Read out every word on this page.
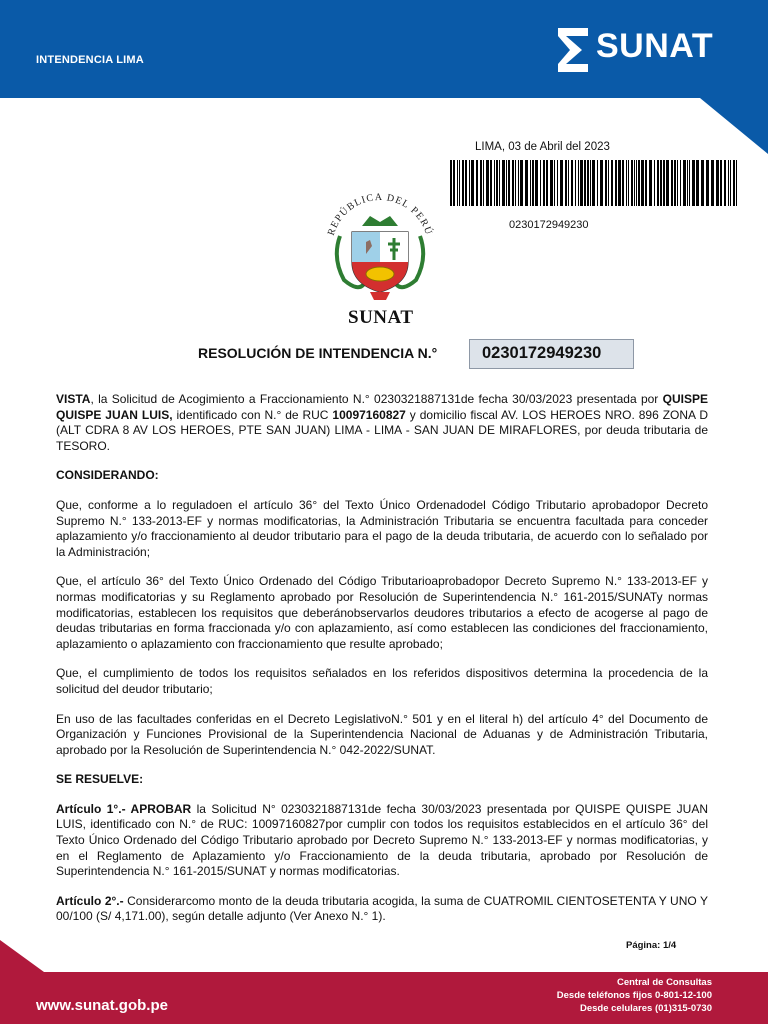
INTENDENCIA LIMA	SUNAT
LIMA, 03 de Abril del 2023
0230172949230
REPÚBLICA DEL PERÚ
SUNAT
RESOLUCIÓN DE INTENDENCIA N.°	0230172949230

VISTA, la Solicitud de Acogimiento a Fraccionamiento N.° 0230321887131de fecha 30/03/2023 presentada por QUISPE QUISPE JUAN LUIS, identificado con N.° de RUC 10097160827 y domicilio fiscal AV. LOS HEROES NRO. 896 ZONA D (ALT CDRA 8 AV LOS HEROES, PTE SAN JUAN) LIMA - LIMA - SAN JUAN DE MIRAFLORES, por deuda tributaria de TESORO.

CONSIDERANDO:

Que, conforme a lo reguladoen el artículo 36° del Texto Único Ordenadodel Código Tributario aprobadopor Decreto Supremo N.° 133-2013-EF y normas modificatorias, la Administración Tributaria se encuentra facultada para conceder aplazamiento y/o fraccionamiento al deudor tributario para el pago de la deuda tributaria, de acuerdo con lo señalado por la Administración;

Que, el artículo 36° del Texto Único Ordenado del Código Tributarioaprobadopor Decreto Supremo N.° 133-2013-EF y normas modificatorias y su Reglamento aprobado por Resolución de Superintendencia N.° 161-2015/SUNATy normas modificatorias, establecen los requisitos que deberánobservarlos deudores tributarios a efecto de acogerse al pago de deudas tributarias en forma fraccionada y/o con aplazamiento, así como establecen las condiciones del fraccionamiento, aplazamiento o aplazamiento con fraccionamiento que resulte aprobado;

Que, el cumplimiento de todos los requisitos señalados en los referidos dispositivos determina la procedencia de la solicitud del deudor tributario;

En uso de las facultades conferidas en el Decreto LegislativoN.° 501 y en el literal h) del artículo 4° del Documento de Organización y Funciones Provisional de la Superintendencia Nacional de Aduanas y de Administración Tributaria, aprobado por la Resolución de Superintendencia N.° 042-2022/SUNAT.

SE RESUELVE:

Artículo 1°.- APROBAR la Solicitud N° 0230321887131de fecha 30/03/2023 presentada por QUISPE QUISPE JUAN LUIS, identificado con N.° de RUC: 10097160827por cumplir con todos los requisitos establecidos en el artículo 36° del Texto Único Ordenado del Código Tributario aprobado por Decreto Supremo N.° 133-2013-EF y normas modificatorias, y en el Reglamento de Aplazamiento y/o Fraccionamiento de la deuda tributaria, aprobado por Resolución de Superintendencia N.° 161-2015/SUNAT y normas modificatorias.

Artículo 2°.- Considerarcomo monto de la deuda tributaria acogida, la suma de CUATROMIL CIENTOSETENTA Y UNO Y 00/100 (S/ 4,171.00), según detalle adjunto (Ver Anexo N.° 1).

Página: 1/4
www.sunat.gob.pe
Central de Consultas
Desde teléfonos fijos 0-801-12-100
Desde celulares (01)315-0730
